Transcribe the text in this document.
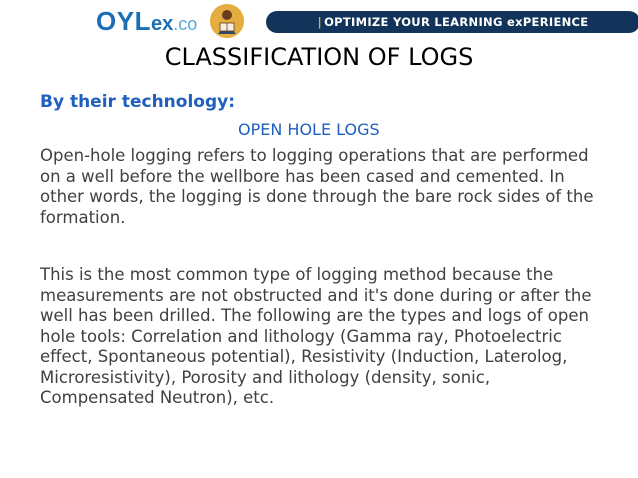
OYL ex .co	| OPTIMIZE YOUR LEARNING exPERIENCE
CLASSIFICATION OF LOGS
By their technology:
OPEN HOLE LOGS

Open-hole logging refers to logging operations that are performed on a well before the wellbore has been cased and cemented. In other words, the logging is done through the bare rock sides of the formation.

This is the most common type of logging method because the measurements are not obstructed and it's done during or after the well has been drilled. The following are the types and logs of open hole tools: Correlation and lithology (Gamma ray, Photoelectric effect, Spontaneous potential), Resistivity (Induction, Laterolog, Microresistivity), Porosity and lithology (density, sonic, Compensated Neutron), etc.
